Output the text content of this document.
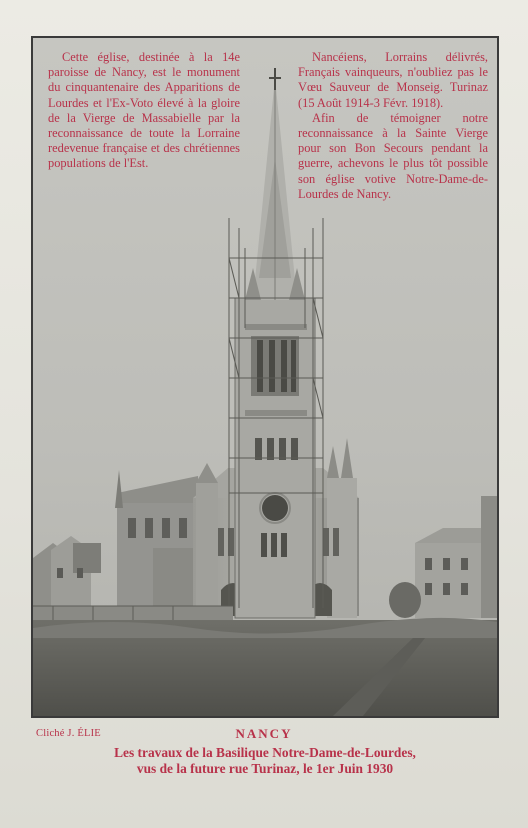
Cette église, destinée à la 14e paroisse de Nancy, est le monument du cinquantenaire des Apparitions de Lourdes et l'Ex-Voto élevé à la gloire de la Vierge de Massabielle par la reconnaissance de toute la Lorraine redevenue française et des chrétiennes populations de l'Est.

Nancéiens, Lorrains délivrés, Français vainqueurs, n'oubliez pas le Vœu Sauveur de Monseig. Turinaz (15 Août 1914-3 Févr. 1918).

Afin de témoigner notre reconnaissance à la Sainte Vierge pour son Bon Secours pendant la guerre, achevons le plus tôt possible son église votive Notre-Dame-de-Lourdes de Nancy.

Cliché J. ÉLIE	NANCY
Les travaux de la Basilique Notre-Dame-de-Lourdes,
vus de la future rue Turinaz, le 1er Juin 1930
